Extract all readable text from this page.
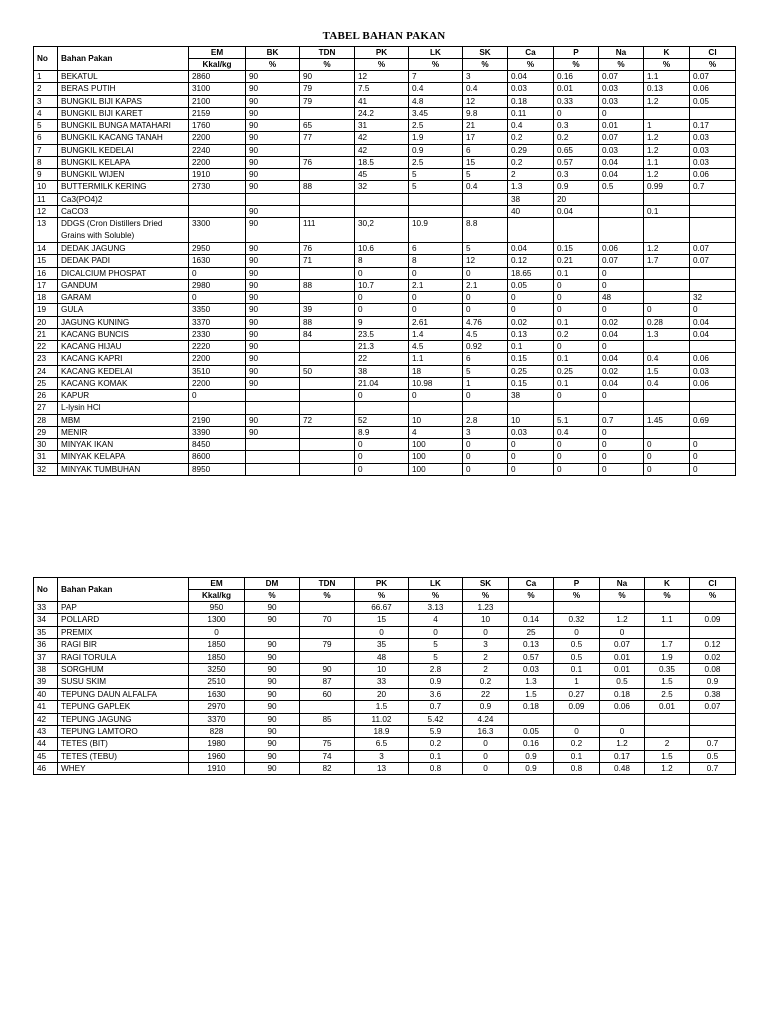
TABEL BAHAN PAKAN
No	Bahan Pakan	EM	BK	TDN	PK	LK	SK	Ca	P	Na	K	Cl
		Kkal/kg	%	%	%	%	%	%	%	%	%	%
1	BEKATUL	2860	90	90	12	7	3	0.04	0.16	0.07	1.1	0.07
2	BERAS PUTIH	3100	90	79	7.5	0.4	0.4	0.03	0.01	0.03	0.13	0.06
3	BUNGKIL BIJI KAPAS	2100	90	79	41	4.8	12	0.18	0.33	0.03	1.2	0.05
4	BUNGKIL BIJI KARET	2159	90		24.2	3.45	9.8	0.11	0	0		
5	BUNGKIL BUNGA MATAHARI	1760	90	65	31	2.5	21	0.4	0.3	0.01	1	0.17
6	BUNGKIL KACANG TANAH	2200	90	77	42	1.9	17	0.2	0.2	0.07	1.2	0.03
7	BUNGKIL KEDELAI	2240	90		42	0.9	6	0.29	0.65	0.03	1.2	0.03
8	BUNGKIL KELAPA	2200	90	76	18.5	2.5	15	0.2	0.57	0.04	1.1	0.03
9	BUNGKIL WIJEN	1910	90		45	5	5	2	0.3	0.04	1.2	0.06
10	BUTTERMILK KERING	2730	90	88	32	5	0.4	1.3	0.9	0.5	0.99	0.7
11	Ca3(PO4)2							38	20			
12	CaCO3		90					40	0.04		0.1	
13	DDGS (Cron Distillers Dried Grains with Soluble)	3300	90	111	30,2	10.9	8.8					
14	DEDAK JAGUNG	2950	90	76	10.6	6	5	0.04	0.15	0.06	1.2	0.07
15	DEDAK PADI	1630	90	71	8	8	12	0.12	0.21	0.07	1.7	0.07
16	DICALCIUM PHOSPAT	0	90		0	0	0	18.65	0.1	0		
17	GANDUM	2980	90	88	10.7	2.1	2.1	0.05	0	0		
18	GARAM	0	90		0	0	0	0	0	48		32
19	GULA	3350	90	39	0	0	0	0	0	0	0	0
20	JAGUNG KUNING	3370	90	88	9	2.61	4.76	0.02	0.1	0.02	0.28	0.04
21	KACANG BUNCIS	2330	90	84	23.5	1.4	4.5	0.13	0.2	0.04	1.3	0.04
22	KACANG HIJAU	2220	90		21.3	4.5	0.92	0.1	0	0		
23	KACANG KAPRI	2200	90		22	1.1	6	0.15	0.1	0.04	0.4	0.06
24	KACANG KEDELAI	3510	90	50	38	18	5	0.25	0.25	0.02	1.5	0.03
25	KACANG KOMAK	2200	90		21.04	10.98	1	0.15	0.1	0.04	0.4	0.06
26	KAPUR	0			0	0	0	38	0	0		
27	L-lysin HCl											
28	MBM	2190	90	72	52	10	2.8	10	5.1	0.7	1.45	0.69
29	MENIR	3390	90		8.9	4	3	0.03	0.4	0		
30	MINYAK IKAN	8450			0	100	0	0	0	0	0	0
31	MINYAK KELAPA	8600			0	100	0	0	0	0	0	0
32	MINYAK TUMBUHAN	8950			0	100	0	0	0	0	0	0
No	Bahan Pakan	EM	DM	TDN	PK	LK	SK	Ca	P	Na	K	Cl
		Kkal/kg	%	%	%	%	%	%	%	%	%	%
33	PAP	950	90		66.67	3.13	1.23					
34	POLLARD	1300	90	70	15	4	10	0.14	0.32	1.2	1.1	0.09
35	PREMIX	0			0	0	0	25	0	0		
36	RAGI BIR	1850	90	79	35	5	3	0.13	0.5	0.07	1.7	0.12
37	RAGI TORULA	1850	90		48	5	2	0.57	0.5	0.01	1.9	0.02
38	SORGHUM	3250	90	90	10	2.8	2	0.03	0.1	0.01	0.35	0.08
39	SUSU SKIM	2510	90	87	33	0.9	0.2	1.3	1	0.5	1.5	0.9
40	TEPUNG DAUN ALFALFA	1630	90	60	20	3.6	22	1.5	0.27	0.18	2.5	0.38
41	TEPUNG GAPLEK	2970	90		1.5	0.7	0.9	0.18	0.09	0.06	0.01	0.07
42	TEPUNG JAGUNG	3370	90	85	11.02	5.42	4.24					
43	TEPUNG LAMTORO	828	90		18.9	5.9	16.3	0.05	0	0		
44	TETES (BIT)	1980	90	75	6.5	0.2	0	0.16	0.2	1.2	2	0.7
45	TETES (TEBU)	1960	90	74	3	0.1	0	0.9	0.1	0.17	1.5	0.5
46	WHEY	1910	90	82	13	0.8	0	0.9	0.8	0.48	1.2	0.7
